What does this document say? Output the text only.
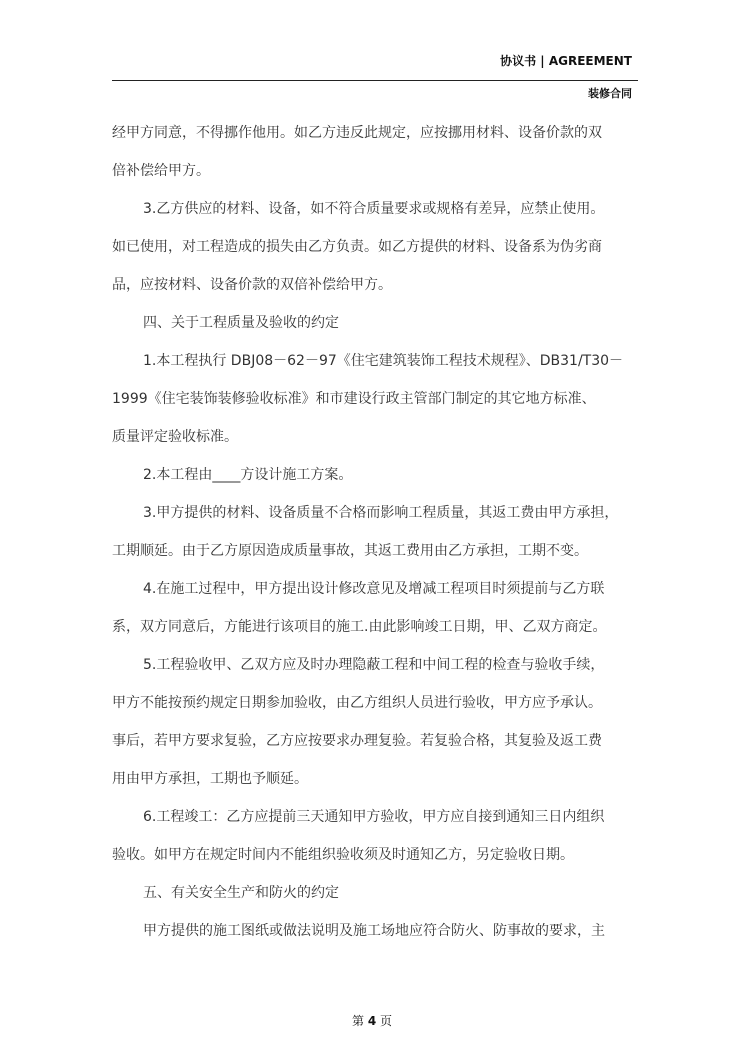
协议书 | AGREEMENT
装修合同
经甲方同意，不得挪作他用。如乙方违反此规定，应按挪用材料、设备价款的双
倍补偿给甲方。
3.乙方供应的材料、设备，如不符合质量要求或规格有差异，应禁止使用。
如已使用，对工程造成的损失由乙方负责。如乙方提供的材料、设备系为伪劣商
品，应按材料、设备价款的双倍补偿给甲方。
四、关于工程质量及验收的约定
1.本工程执行 DBJ08－62－97《住宅建筑装饰工程技术规程》、DB31/T30－
1999《住宅装饰装修验收标准》和市建设行政主管部门制定的其它地方标准、
质量评定验收标准。
2.本工程由____方设计施工方案。
3.甲方提供的材料、设备质量不合格而影响工程质量，其返工费由甲方承担，
工期顺延。由于乙方原因造成质量事故，其返工费用由乙方承担，工期不变。
4.在施工过程中，甲方提出设计修改意见及增减工程项目时须提前与乙方联
系，双方同意后，方能进行该项目的施工.由此影响竣工日期，甲、乙双方商定。
5.工程验收甲、乙双方应及时办理隐蔽工程和中间工程的检查与验收手续，
甲方不能按预约规定日期参加验收，由乙方组织人员进行验收，甲方应予承认。
事后，若甲方要求复验，乙方应按要求办理复验。若复验合格，其复验及返工费
用由甲方承担，工期也予顺延。
6.工程竣工：乙方应提前三天通知甲方验收，甲方应自接到通知三日内组织
验收。如甲方在规定时间内不能组织验收须及时通知乙方，另定验收日期。
五、有关安全生产和防火的约定
甲方提供的施工图纸或做法说明及施工场地应符合防火、防事故的要求，主
第 4 页
